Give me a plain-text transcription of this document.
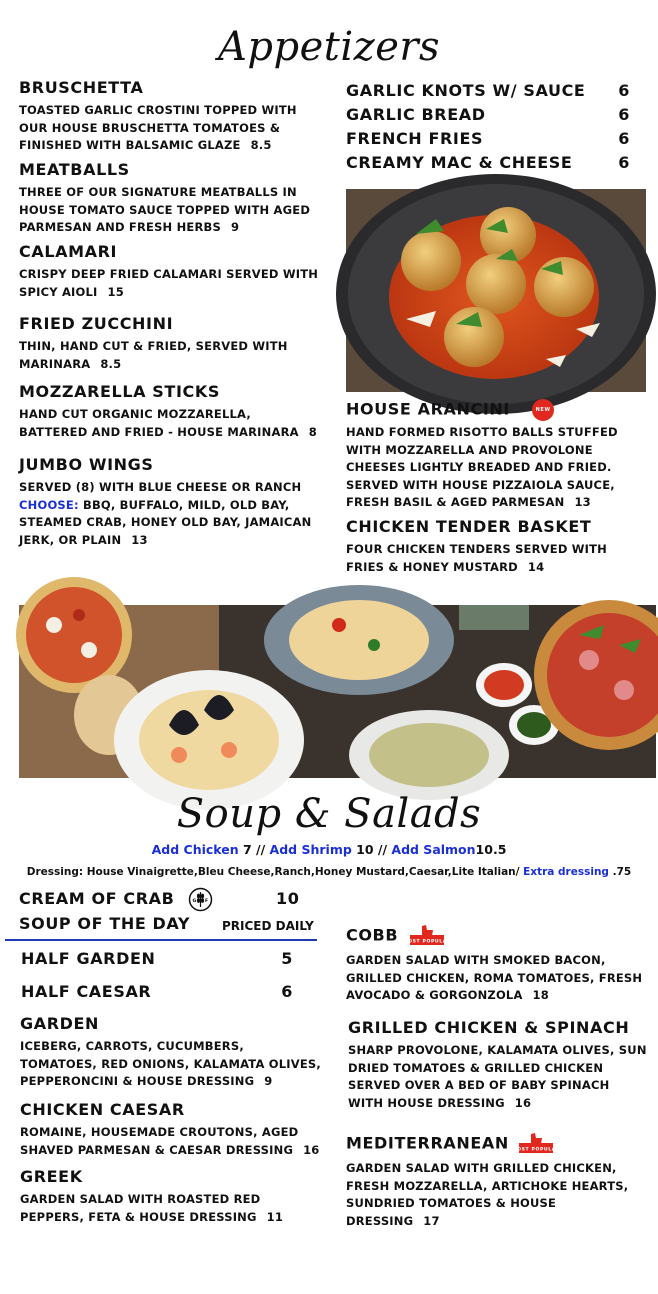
Appetizers
BRUSCHETTA
TOASTED GARLIC CROSTINI TOPPED WITH OUR HOUSE BRUSCHETTA TOMATOES & FINISHED WITH BALSAMIC GLAZE 8.5
MEATBALLS
THREE OF OUR SIGNATURE MEATBALLS IN HOUSE TOMATO SAUCE TOPPED WITH AGED PARMESAN AND FRESH HERBS 9
CALAMARI
CRISPY DEEP FRIED CALAMARI SERVED WITH SPICY AIOLI 15
FRIED ZUCCHINI
THIN, HAND CUT & FRIED, SERVED WITH MARINARA 8.5
MOZZARELLA STICKS
HAND CUT ORGANIC MOZZARELLA, BATTERED AND FRIED - HOUSE MARINARA 8
JUMBO WINGS
SERVED (8) WITH BLUE CHEESE OR RANCH
CHOOSE: BBQ, BUFFALO, MILD, OLD BAY, STEAMED CRAB, HONEY OLD BAY, JAMAICAN JERK, OR PLAIN 13
GARLIC KNOTS W/ SAUCE 6
GARLIC BREAD	6
FRENCH FRIES	6
CREAMY MAC & CHEESE	6
HOUSE ARANCINI	NEW
HAND FORMED RISOTTO BALLS STUFFED WITH MOZZARELLA AND PROVOLONE CHEESES LIGHTLY BREADED AND FRIED. SERVED WITH HOUSE PIZZAIOLA SAUCE, FRESH BASIL & AGED PARMESAN 13
CHICKEN TENDER BASKET
FOUR CHICKEN TENDERS SERVED WITH FRIES & HONEY MUSTARD 14
Soup & Salads
Add Chicken 7 // Add Shrimp 10 // Add Salmon10.5
Dressing: House Vinaigrette,Bleu Cheese,Ranch,Honey Mustard,Caesar,Lite Italian/ Extra dressing .75
CREAM OF CRAB	G F	10
SOUP OF THE DAY	PRICED DAILY
HALF GARDEN	5
HALF CAESAR	6
GARDEN
ICEBERG, CARROTS, CUCUMBERS, TOMATOES, RED ONIONS, KALAMATA OLIVES, PEPPERONCINI & HOUSE DRESSING 9
CHICKEN CAESAR
ROMAINE, HOUSEMADE CROUTONS, AGED SHAVED PARMESAN & CAESAR DRESSING 16
GREEK
GARDEN SALAD WITH ROASTED RED PEPPERS, FETA & HOUSE DRESSING 11
COBB MOST POPULAR
GARDEN SALAD WITH SMOKED BACON, GRILLED CHICKEN, ROMA TOMATOES, FRESH AVOCADO & GORGONZOLA 18
GRILLED CHICKEN & SPINACH
SHARP PROVOLONE, KALAMATA OLIVES, SUN DRIED TOMATOES & GRILLED CHICKEN SERVED OVER A BED OF BABY SPINACH WITH HOUSE DRESSING 16
MEDITERRANEAN MOST POPULAR
GARDEN SALAD WITH GRILLED CHICKEN, FRESH MOZZARELLA, ARTICHOKE HEARTS, SUNDRIED TOMATOES & HOUSE DRESSING 17
